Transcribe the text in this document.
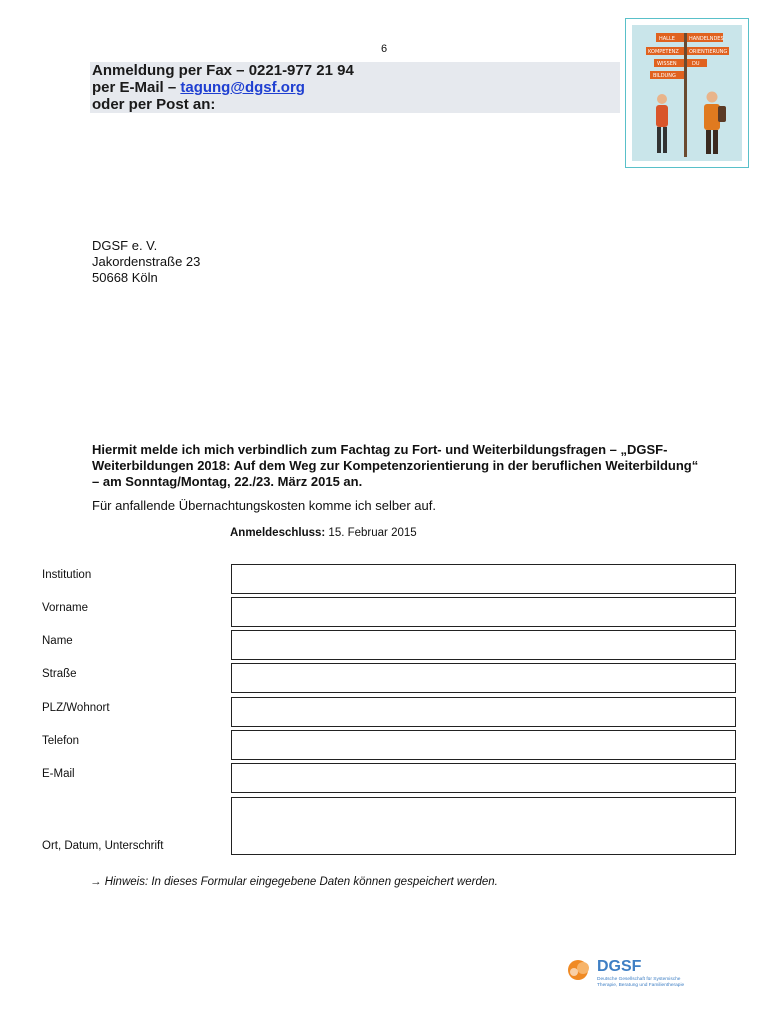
6
Anmeldung per Fax – 0221-977 21 94
per E-Mail – tagung@dgsf.org
oder per Post an:
HALLE	HANDELNDES
KOMPETENZ ORIENTIERUNG
WISSEN	DU
BILDUNG
DGSF e. V.
Jakordenstraße 23
50668 Köln
Hiermit melde ich mich verbindlich zum Fachtag zu Fort- und Weiterbildungsfragen – „DGSF-Weiterbildungen 2018: Auf dem Weg zur Kompetenzorientierung in der beruflichen Weiterbildung“ – am Sonntag/Montag, 22./23. März 2015 an.
Für anfallende Übernachtungskosten komme ich selber auf.
Anmeldeschluss: 15. Februar 2015
Institution
Vorname
Name
Straße
PLZ/Wohnort
Telefon
E-Mail
Ort, Datum, Unterschrift
→ Hinweis: In dieses Formular eingegebene Daten können gespeichert werden.
DGSF
Deutsche Gesellschaft für Systemische
Therapie, Beratung und Familientherapie
